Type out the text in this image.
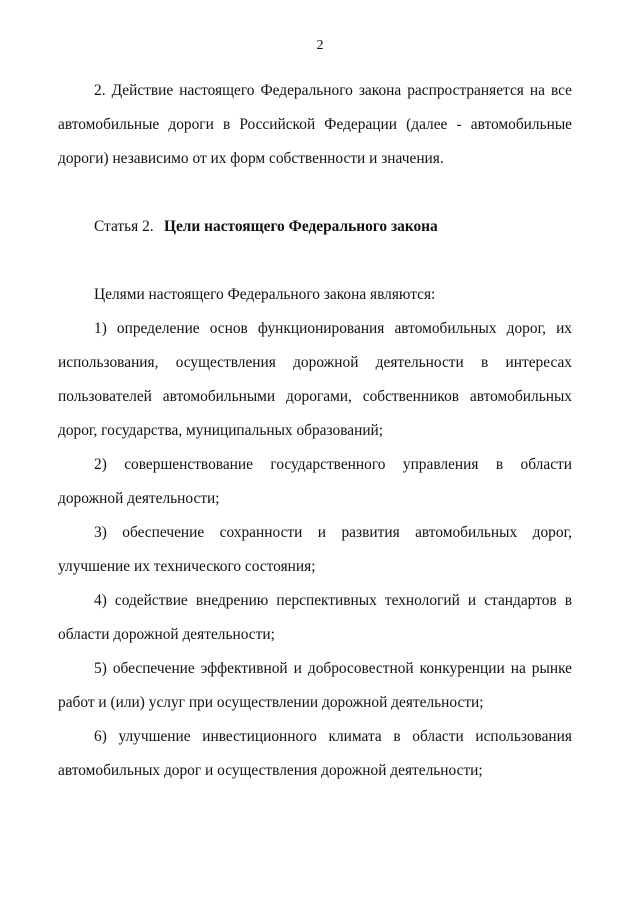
2

2. Действие настоящего Федерального закона распространяется на все автомобильные дороги в Российской Федерации (далее - автомобильные дороги) независимо от их форм собственности и значения.

Статья 2. Цели настоящего Федерального закона

Целями настоящего Федерального закона являются:

1) определение основ функционирования автомобильных дорог, их использования, осуществления дорожной деятельности в интересах пользователей автомобильными дорогами, собственников автомобильных дорог, государства, муниципальных образований;

2) совершенствование государственного управления в области дорожной деятельности;

3) обеспечение сохранности и развития автомобильных дорог, улучшение их технического состояния;

4) содействие внедрению перспективных технологий и стандартов в области дорожной деятельности;

5) обеспечение эффективной и добросовестной конкуренции на рынке работ и (или) услуг при осуществлении дорожной деятельности;

6) улучшение инвестиционного климата в области использования автомобильных дорог и осуществления дорожной деятельности;
